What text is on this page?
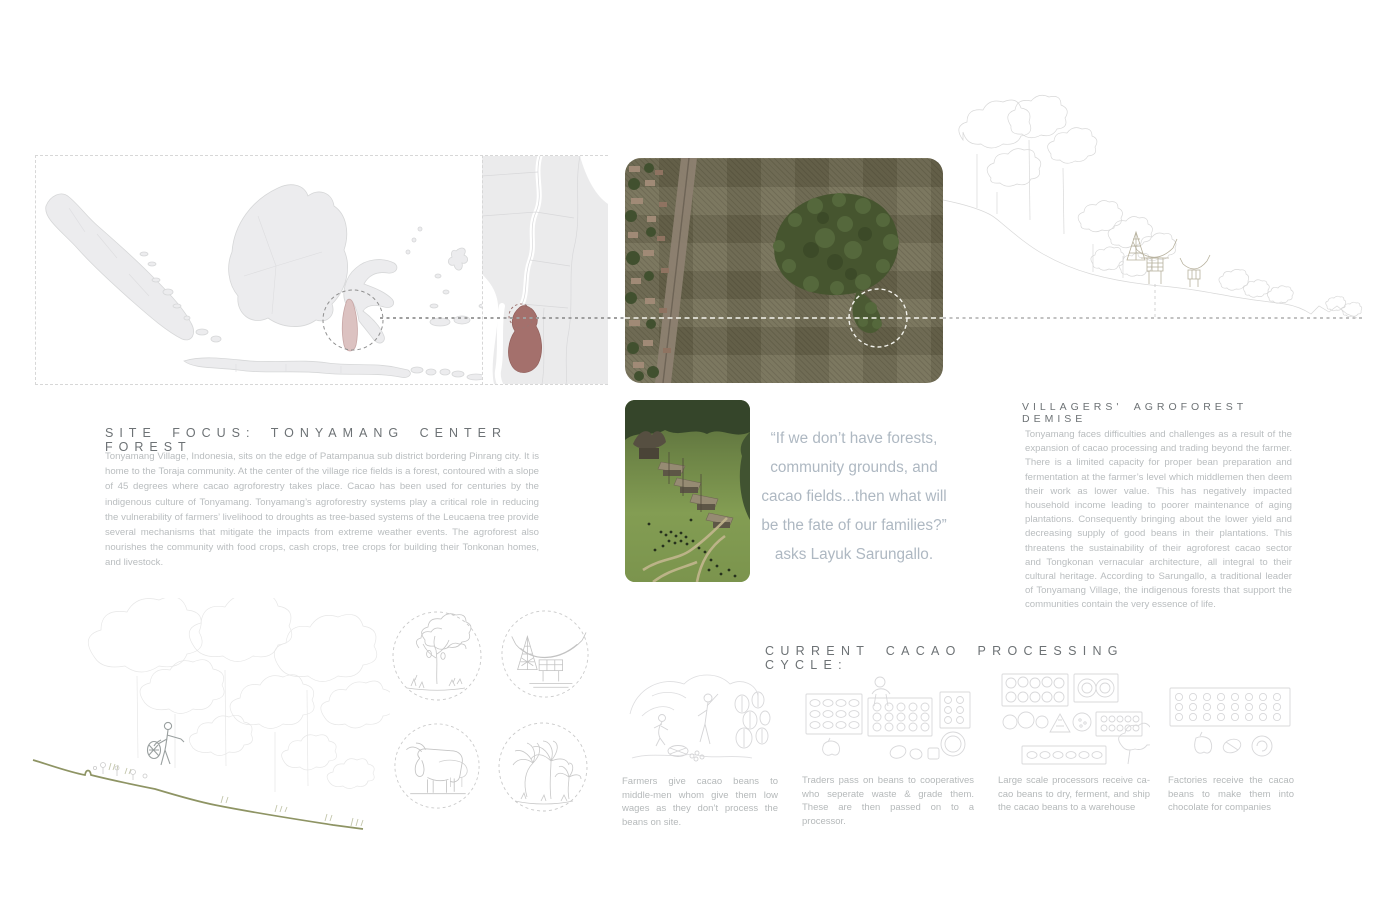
SITE FOCUS: TONYAMANG CENTER FOREST
Tonyamang Village, Indonesia, sits on the edge of Patampanua sub district bordering Pinrang city. It is home to the Toraja community. At the center of the village rice fields is a forest, contoured with a slope of 45 degrees where cacao agroforestry takes place. Cacao has been used for centuries by the indigenous culture of Tonyamang. Tonyamang’s agroforestry systems play a critical role in reducing the vulnerability of farmers’ livelihood to droughts as tree-based systems of the Leucaena tree provide several mechanisms that mitigate the impacts from extreme weather events. The agroforest also nourishes the community with food crops, cash crops, tree crops for building their Tonkonan homes, and livestock.
“If we don’t have forests, community grounds, and cacao fields...then what will be the fate of our families?” asks Layuk Sarungallo.
VILLAGERS' AGROFOREST DEMISE
Tonyamang faces difficulties and challenges as a result of the expansion of cacao processing and trading beyond the farmer. There is a limited capacity for proper bean preparation and fermentation at the farmer’s level which middlemen then deem their work as lower value. This has negatively impacted household income leading to poorer maintenance of aging plantations. Consequently bringing about the lower yield and decreasing supply of good beans in their plantations. This threatens the sustainability of their agroforest cacao sector and Tongkonan vernacular architecture, all integral to their cultural heritage. According to Sarungallo, a traditional leader of Tonyamang Village, the indigenous forests that support the communities contain the very essence of life.
CURRENT CACAO PROCESSING CYCLE:
Farmers give cacao beans to middle-men whom give them low wages as they don’t process the beans on site.
Traders pass on beans to cooperatives who seperate waste & grade them. These are then passed on to a processor.
Large scale processors receive ca-cao beans to dry, ferment, and ship the cacao beans to a warehouse
Factories receive the cacao beans to make them into chocolate for companies
